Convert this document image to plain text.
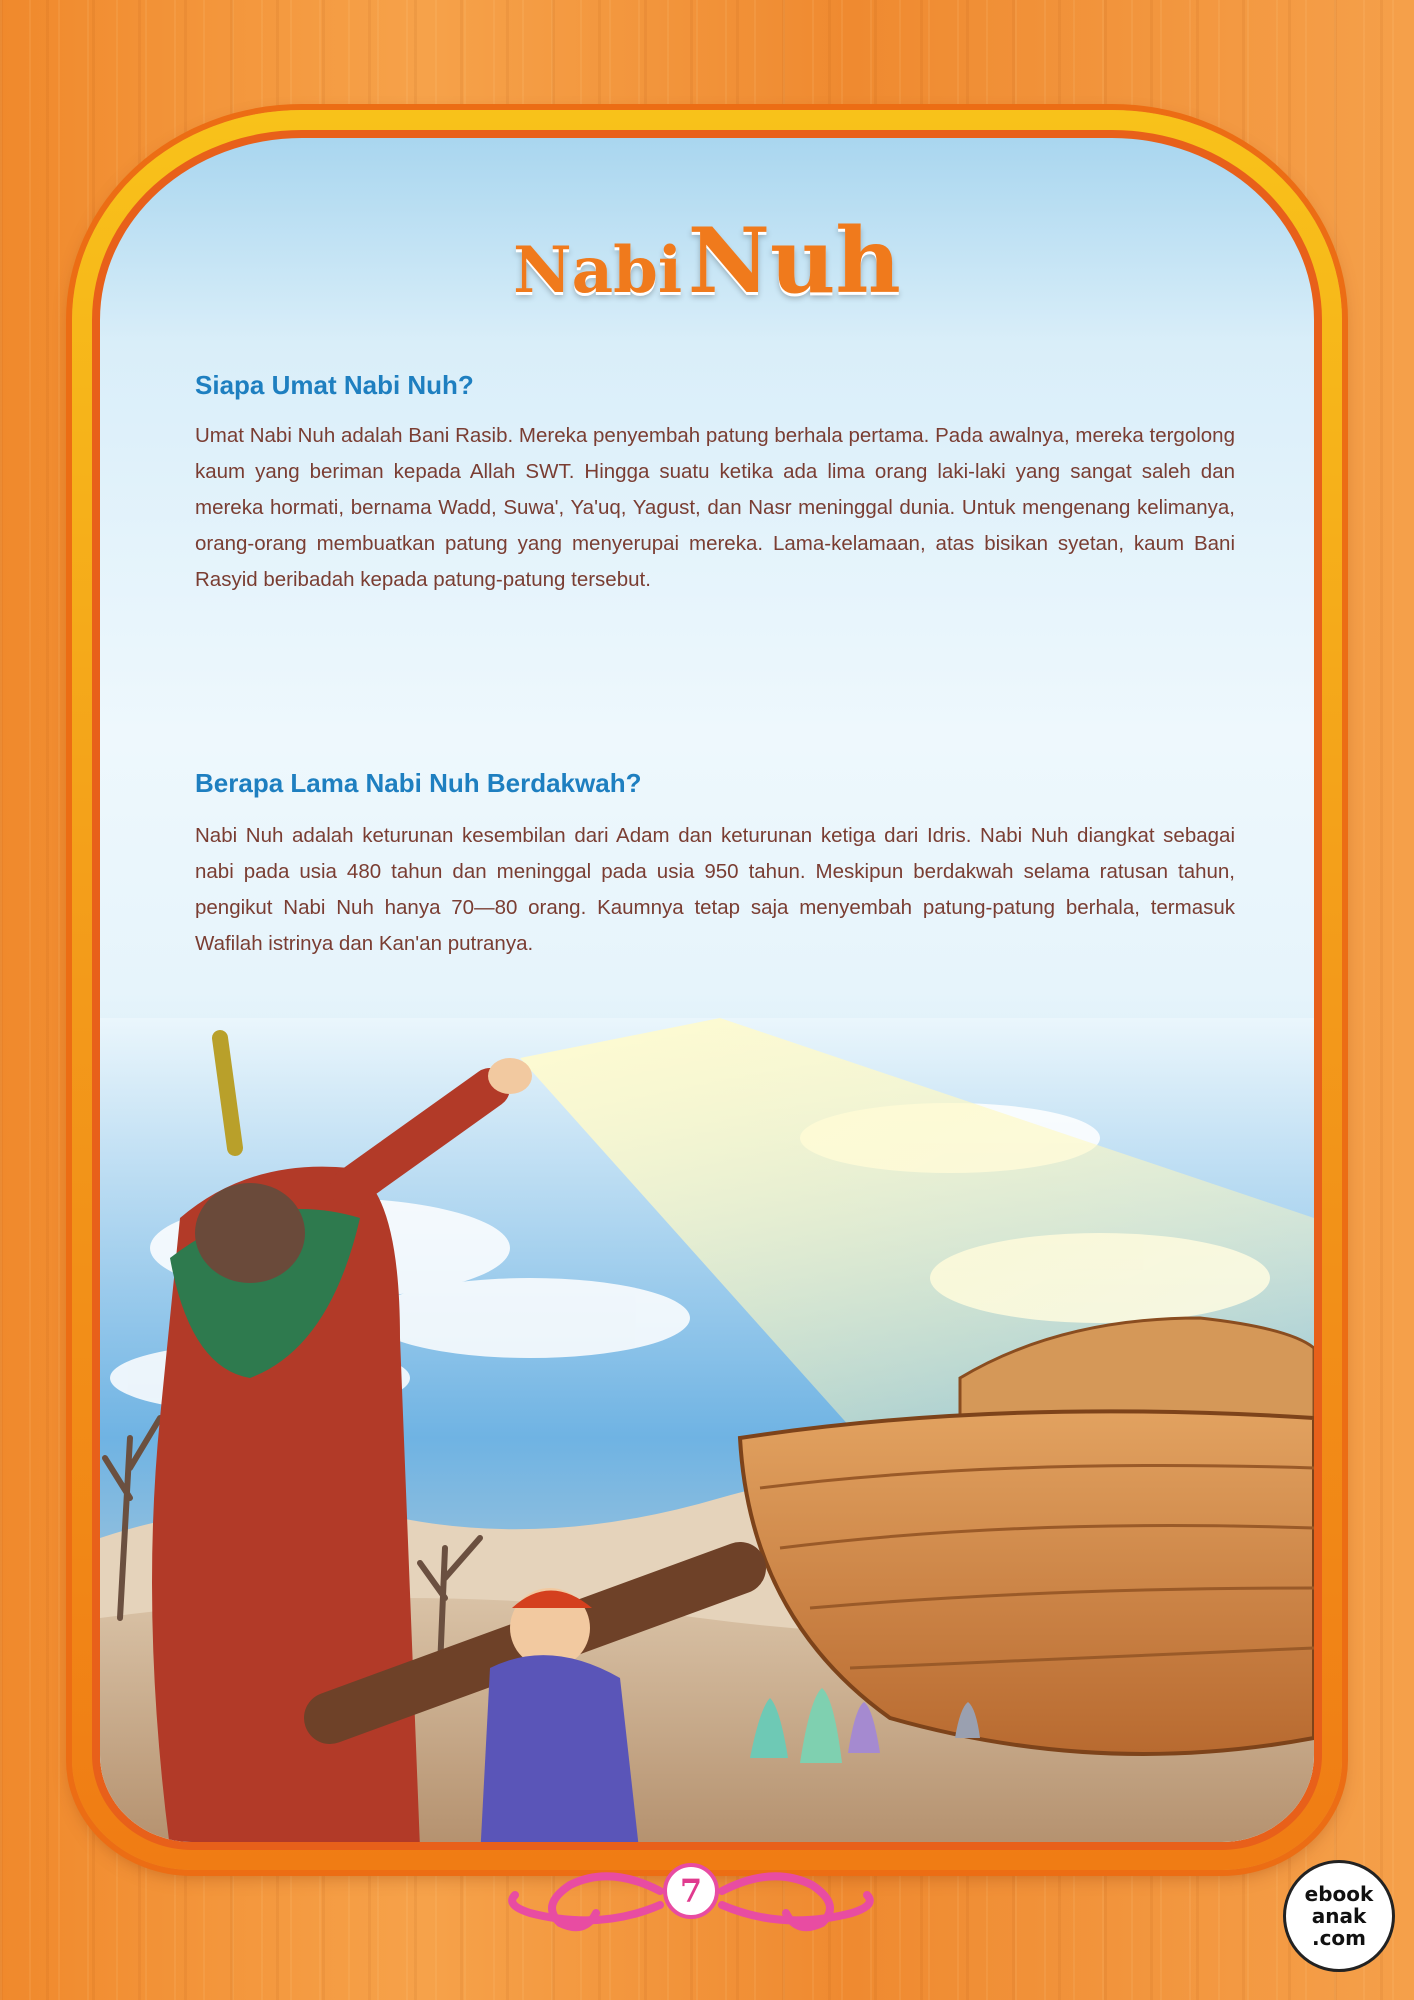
Nabi Nuh
Siapa Umat Nabi Nuh?

Umat Nabi Nuh adalah Bani Rasib. Mereka penyembah patung berhala pertama. Pada awalnya, mereka tergolong kaum yang beriman kepada Allah SWT. Hingga suatu ketika ada lima orang laki-laki yang sangat saleh dan mereka hormati, bernama Wadd, Suwa', Ya'uq, Yagust, dan Nasr meninggal dunia. Untuk mengenang kelimanya, orang-orang membuatkan patung yang menyerupai mereka. Lama-kelamaan, atas bisikan syetan, kaum Bani Rasyid beribadah kepada patung-patung tersebut.

Berapa Lama Nabi Nuh Berdakwah?

Nabi Nuh adalah keturunan kesembilan dari Adam dan keturunan ketiga dari Idris. Nabi Nuh diangkat sebagai nabi pada usia 480 tahun dan meninggal pada usia 950 tahun. Meskipun berdakwah selama ratusan tahun, pengikut Nabi Nuh hanya 70—80 orang. Kaumnya tetap saja menyembah patung-patung berhala, termasuk Wafilah istrinya dan Kan'an putranya.

7	ebook
anak
.com
